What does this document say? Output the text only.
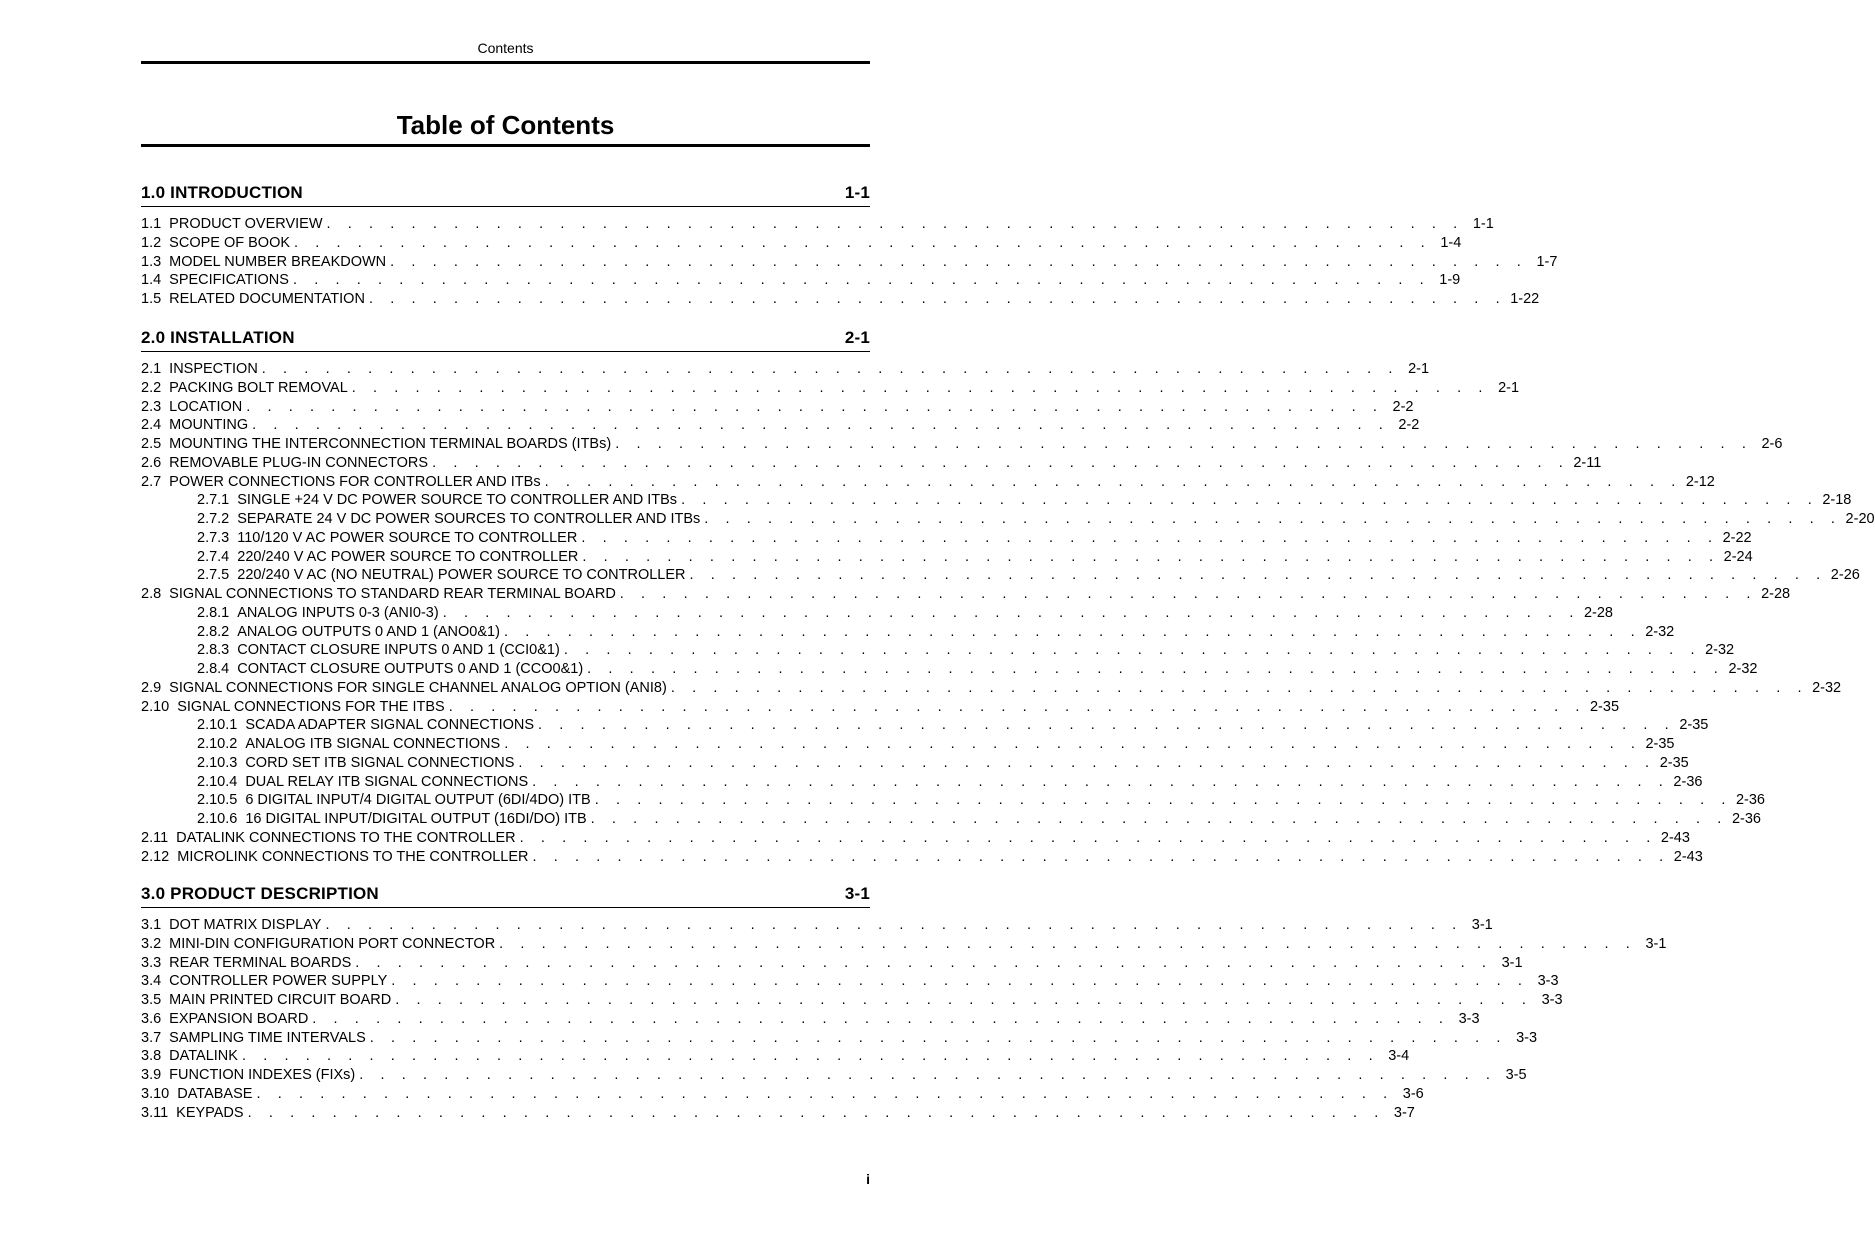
Contents
Table of Contents
1.0 INTRODUCTION	1-1
1.1 PRODUCT OVERVIEW . . . . . . . . . . . . . . . . . . . . . . . . . . . . . . . . . . . . . . . . . . . . . . . . . . . . . . 1-1
1.2 SCOPE OF BOOK . . . . . . . . . . . . . . . . . . . . . . . . . . . . . . . . . . . . . . . . . . . . . . . . . . . . . . 1-4
1.3 MODEL NUMBER BREAKDOWN . . . . . . . . . . . . . . . . . . . . . . . . . . . . . . . . . . . . . . . . . . . . . . . . . . . . . . 1-7
1.4 SPECIFICATIONS . . . . . . . . . . . . . . . . . . . . . . . . . . . . . . . . . . . . . . . . . . . . . . . . . . . . . . 1-9
1.5 RELATED DOCUMENTATION . . . . . . . . . . . . . . . . . . . . . . . . . . . . . . . . . . . . . . . . . . . . . . . . . . . . . . 1-22
2.0 INSTALLATION	2-1
2.1 INSPECTION . . . . . . . . . . . . . . . . . . . . . . . . . . . . . . . . . . . . . . . . . . . . . . . . . . . . . . 2-1
2.2 PACKING BOLT REMOVAL . . . . . . . . . . . . . . . . . . . . . . . . . . . . . . . . . . . . . . . . . . . . . . . . . . . . . . 2-1
2.3 LOCATION . . . . . . . . . . . . . . . . . . . . . . . . . . . . . . . . . . . . . . . . . . . . . . . . . . . . . . 2-2
2.4 MOUNTING . . . . . . . . . . . . . . . . . . . . . . . . . . . . . . . . . . . . . . . . . . . . . . . . . . . . . . 2-2
2.5 MOUNTING THE INTERCONNECTION TERMINAL BOARDS (ITBs) . . . . . . . . . . . . . . . . . . . . . . . . . . . . . . . . . . . . . . . . . . . . . . . . . . . . . . 2-6
2.6 REMOVABLE PLUG-IN CONNECTORS . . . . . . . . . . . . . . . . . . . . . . . . . . . . . . . . . . . . . . . . . . . . . . . . . . . . . . 2-11
2.7 POWER CONNECTIONS FOR CONTROLLER AND ITBs . . . . . . . . . . . . . . . . . . . . . . . . . . . . . . . . . . . . . . . . . . . . . . . . . . . . . . 2-12
2.7.1 SINGLE +24 V DC POWER SOURCE TO CONTROLLER AND ITBs . . . . . . . . . . . . . . . . . . . . . . . . . . . . . . . . . . . . . . . . . . . . . . . . . . . . . . 2-18
2.7.2 SEPARATE 24 V DC POWER SOURCES TO CONTROLLER AND ITBs . . . . . . . . . . . . . . . . . . . . . . . . . . . . . . . . . . . . . . . . . . . . . . . . . . . . . . 2-20
2.7.3 110/120 V AC POWER SOURCE TO CONTROLLER . . . . . . . . . . . . . . . . . . . . . . . . . . . . . . . . . . . . . . . . . . . . . . . . . . . . . . 2-22
2.7.4 220/240 V AC POWER SOURCE TO CONTROLLER . . . . . . . . . . . . . . . . . . . . . . . . . . . . . . . . . . . . . . . . . . . . . . . . . . . . . . 2-24
2.7.5 220/240 V AC (NO NEUTRAL) POWER SOURCE TO CONTROLLER . . . . . . . . . . . . . . . . . . . . . . . . . . . . . . . . . . . . . . . . . . . . . . . . . . . . . . 2-26
2.8 SIGNAL CONNECTIONS TO STANDARD REAR TERMINAL BOARD . . . . . . . . . . . . . . . . . . . . . . . . . . . . . . . . . . . . . . . . . . . . . . . . . . . . . . 2-28
2.8.1 ANALOG INPUTS 0-3 (ANI0-3) . . . . . . . . . . . . . . . . . . . . . . . . . . . . . . . . . . . . . . . . . . . . . . . . . . . . . . 2-28
2.8.2 ANALOG OUTPUTS 0 AND 1 (ANO0&1) . . . . . . . . . . . . . . . . . . . . . . . . . . . . . . . . . . . . . . . . . . . . . . . . . . . . . . 2-32
2.8.3 CONTACT CLOSURE INPUTS 0 AND 1 (CCI0&1) . . . . . . . . . . . . . . . . . . . . . . . . . . . . . . . . . . . . . . . . . . . . . . . . . . . . . . 2-32
2.8.4 CONTACT CLOSURE OUTPUTS 0 AND 1 (CCO0&1) . . . . . . . . . . . . . . . . . . . . . . . . . . . . . . . . . . . . . . . . . . . . . . . . . . . . . . 2-32
2.9 SIGNAL CONNECTIONS FOR SINGLE CHANNEL ANALOG OPTION (ANI8) . . . . . . . . . . . . . . . . . . . . . . . . . . . . . . . . . . . . . . . . . . . . . . . . . . . . . . 2-32
2.10 SIGNAL CONNECTIONS FOR THE ITBS . . . . . . . . . . . . . . . . . . . . . . . . . . . . . . . . . . . . . . . . . . . . . . . . . . . . . . 2-35
2.10.1 SCADA ADAPTER SIGNAL CONNECTIONS . . . . . . . . . . . . . . . . . . . . . . . . . . . . . . . . . . . . . . . . . . . . . . . . . . . . . . 2-35
2.10.2 ANALOG ITB SIGNAL CONNECTIONS . . . . . . . . . . . . . . . . . . . . . . . . . . . . . . . . . . . . . . . . . . . . . . . . . . . . . . 2-35
2.10.3 CORD SET ITB SIGNAL CONNECTIONS . . . . . . . . . . . . . . . . . . . . . . . . . . . . . . . . . . . . . . . . . . . . . . . . . . . . . . 2-35
2.10.4 DUAL RELAY ITB SIGNAL CONNECTIONS . . . . . . . . . . . . . . . . . . . . . . . . . . . . . . . . . . . . . . . . . . . . . . . . . . . . . . 2-36
2.10.5 6 DIGITAL INPUT/4 DIGITAL OUTPUT (6DI/4DO) ITB . . . . . . . . . . . . . . . . . . . . . . . . . . . . . . . . . . . . . . . . . . . . . . . . . . . . . . 2-36
2.10.6 16 DIGITAL INPUT/DIGITAL OUTPUT (16DI/DO) ITB . . . . . . . . . . . . . . . . . . . . . . . . . . . . . . . . . . . . . . . . . . . . . . . . . . . . . . 2-36
2.11 DATALINK CONNECTIONS TO THE CONTROLLER . . . . . . . . . . . . . . . . . . . . . . . . . . . . . . . . . . . . . . . . . . . . . . . . . . . . . . 2-43
2.12 MICROLINK CONNECTIONS TO THE CONTROLLER . . . . . . . . . . . . . . . . . . . . . . . . . . . . . . . . . . . . . . . . . . . . . . . . . . . . . . 2-43
3.0 PRODUCT DESCRIPTION	3-1
3.1 DOT MATRIX DISPLAY . . . . . . . . . . . . . . . . . . . . . . . . . . . . . . . . . . . . . . . . . . . . . . . . . . . . . . 3-1
3.2 MINI-DIN CONFIGURATION PORT CONNECTOR . . . . . . . . . . . . . . . . . . . . . . . . . . . . . . . . . . . . . . . . . . . . . . . . . . . . . . 3-1
3.3 REAR TERMINAL BOARDS . . . . . . . . . . . . . . . . . . . . . . . . . . . . . . . . . . . . . . . . . . . . . . . . . . . . . . 3-1
3.4 CONTROLLER POWER SUPPLY . . . . . . . . . . . . . . . . . . . . . . . . . . . . . . . . . . . . . . . . . . . . . . . . . . . . . . 3-3
3.5 MAIN PRINTED CIRCUIT BOARD . . . . . . . . . . . . . . . . . . . . . . . . . . . . . . . . . . . . . . . . . . . . . . . . . . . . . . 3-3
3.6 EXPANSION BOARD . . . . . . . . . . . . . . . . . . . . . . . . . . . . . . . . . . . . . . . . . . . . . . . . . . . . . . 3-3
3.7 SAMPLING TIME INTERVALS . . . . . . . . . . . . . . . . . . . . . . . . . . . . . . . . . . . . . . . . . . . . . . . . . . . . . . 3-3
3.8 DATALINK . . . . . . . . . . . . . . . . . . . . . . . . . . . . . . . . . . . . . . . . . . . . . . . . . . . . . . 3-4
3.9 FUNCTION INDEXES (FIXs) . . . . . . . . . . . . . . . . . . . . . . . . . . . . . . . . . . . . . . . . . . . . . . . . . . . . . . 3-5
3.10 DATABASE . . . . . . . . . . . . . . . . . . . . . . . . . . . . . . . . . . . . . . . . . . . . . . . . . . . . . . 3-6
3.11 KEYPADS . . . . . . . . . . . . . . . . . . . . . . . . . . . . . . . . . . . . . . . . . . . . . . . . . . . . . . 3-7
i
